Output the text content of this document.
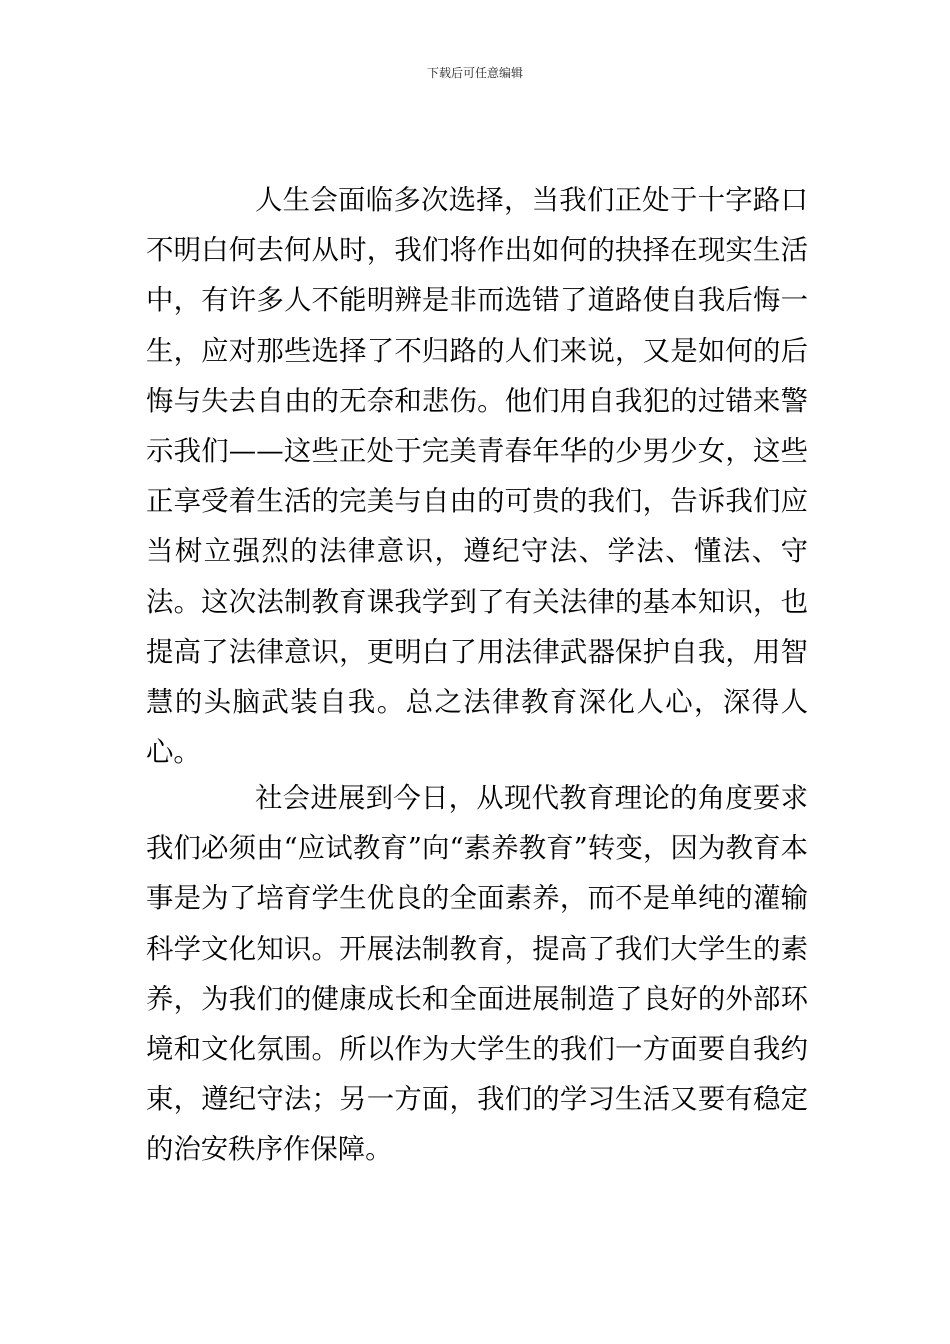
下载后可任意编辑

人生会面临多次选择，当我们正处于十字路口不明白何去何从时，我们将作出如何的抉择在现实生活中，有许多人不能明辨是非而选错了道路使自我后悔一生，应对那些选择了不归路的人们来说，又是如何的后悔与失去自由的无奈和悲伤。他们用自我犯的过错来警示我们——这些正处于完美青春年华的少男少女，这些正享受着生活的完美与自由的可贵的我们，告诉我们应当树立强烈的法律意识，遵纪守法、学法、懂法、守法。这次法制教育课我学到了有关法律的基本知识，也提高了法律意识，更明白了用法律武器保护自我，用智慧的头脑武装自我。总之法律教育深化人心，深得人心。

社会进展到今日，从现代教育理论的角度要求我们必须由“应试教育”向“素养教育”转变，因为教育本事是为了培育学生优良的全面素养，而不是单纯的灌输科学文化知识。开展法制教育，提高了我们大学生的素养，为我们的健康成长和全面进展制造了良好的外部环境和文化氛围。所以作为大学生的我们一方面要自我约束，遵纪守法；另一方面，我们的学习生活又要有稳定的治安秩序作保障。
